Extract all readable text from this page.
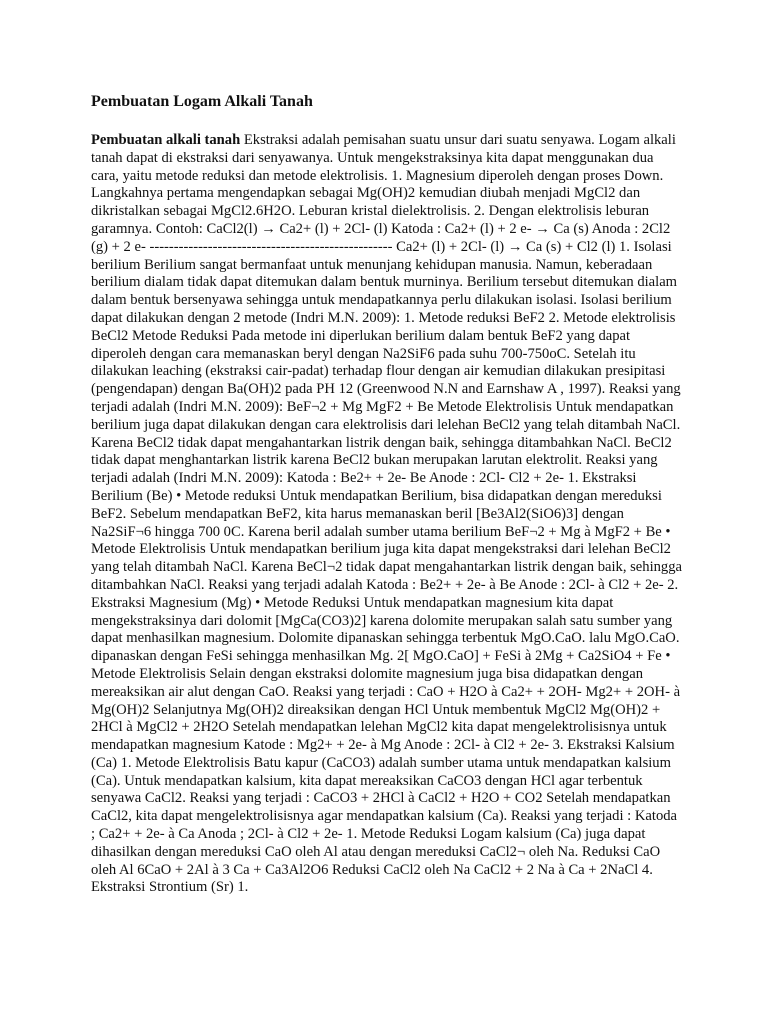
Pembuatan Logam Alkali Tanah

Pembuatan alkali tanah Ekstraksi adalah pemisahan suatu unsur dari suatu senyawa. Logam alkali tanah dapat di ekstraksi dari senyawanya. Untuk mengekstraksinya kita dapat menggunakan dua cara, yaitu metode reduksi dan metode elektrolisis. 1. Magnesium diperoleh dengan proses Down. Langkahnya pertama mengendapkan sebagai Mg(OH)2 kemudian diubah menjadi MgCl2 dan dikristalkan sebagai MgCl2.6H2O. Leburan kristal dielektrolisis. 2. Dengan elektrolisis leburan garamnya. Contoh: CaCl2(l) → Ca2+ (l) + 2Cl- (l) Katoda : Ca2+ (l) + 2 e- → Ca (s) Anoda : 2Cl2 (g) + 2 e- -------------------------------------------------- Ca2+ (l) + 2Cl- (l) → Ca (s) + Cl2 (l) 1. Isolasi berilium Berilium sangat bermanfaat untuk menunjang kehidupan manusia. Namun, keberadaan berilium dialam tidak dapat ditemukan dalam bentuk murninya. Berilium tersebut ditemukan dialam dalam bentuk bersenyawa sehingga untuk mendapatkannya perlu dilakukan isolasi. Isolasi berilium dapat dilakukan dengan 2 metode (Indri M.N. 2009): 1. Metode reduksi BeF2 2. Metode elektrolisis BeCl2 Metode Reduksi Pada metode ini diperlukan berilium dalam bentuk BeF2 yang dapat diperoleh dengan cara memanaskan beryl dengan Na2SiF6 pada suhu 700-750oC. Setelah itu dilakukan leaching (ekstraksi cair-padat) terhadap flour dengan air kemudian dilakukan presipitasi (pengendapan) dengan Ba(OH)2 pada PH 12 (Greenwood N.N and Earnshaw A , 1997). Reaksi yang terjadi adalah (Indri M.N. 2009): BeF¬2 + Mg MgF2 + Be Metode Elektrolisis Untuk mendapatkan berilium juga dapat dilakukan dengan cara elektrolisis dari lelehan BeCl2 yang telah ditambah NaCl. Karena BeCl2 tidak dapat mengahantarkan listrik dengan baik, sehingga ditambahkan NaCl. BeCl2 tidak dapat menghantarkan listrik karena BeCl2 bukan merupakan larutan elektrolit. Reaksi yang terjadi adalah (Indri M.N. 2009): Katoda : Be2+ + 2e- Be Anode : 2Cl- Cl2 + 2e- 1. Ekstraksi Berilium (Be) • Metode reduksi Untuk mendapatkan Berilium, bisa didapatkan dengan mereduksi BeF2. Sebelum mendapatkan BeF2, kita harus memanaskan beril [Be3Al2(SiO6)3] dengan Na2SiF¬6 hingga 700 0C. Karena beril adalah sumber utama berilium BeF¬2 + Mg à MgF2 + Be • Metode Elektrolisis Untuk mendapatkan berilium juga kita dapat mengekstraksi dari lelehan BeCl2 yang telah ditambah NaCl. Karena BeCl¬2 tidak dapat mengahantarkan listrik dengan baik, sehingga ditambahkan NaCl. Reaksi yang terjadi adalah Katoda : Be2+ + 2e- à Be Anode : 2Cl- à Cl2 + 2e- 2. Ekstraksi Magnesium (Mg) • Metode Reduksi Untuk mendapatkan magnesium kita dapat mengekstraksinya dari dolomit [MgCa(CO3)2] karena dolomite merupakan salah satu sumber yang dapat menhasilkan magnesium. Dolomite dipanaskan sehingga terbentuk MgO.CaO. lalu MgO.CaO. dipanaskan dengan FeSi sehingga menhasilkan Mg. 2[ MgO.CaO] + FeSi à 2Mg + Ca2SiO4 + Fe • Metode Elektrolisis Selain dengan ekstraksi dolomite magnesium juga bisa didapatkan dengan mereaksikan air alut dengan CaO. Reaksi yang terjadi : CaO + H2O à Ca2+ + 2OH- Mg2+ + 2OH- à Mg(OH)2 Selanjutnya Mg(OH)2 direaksikan dengan HCl Untuk membentuk MgCl2 Mg(OH)2 + 2HCl à MgCl2 + 2H2O Setelah mendapatkan lelehan MgCl2 kita dapat mengelektrolisisnya untuk mendapatkan magnesium Katode : Mg2+ + 2e- à Mg Anode : 2Cl- à Cl2 + 2e- 3. Ekstraksi Kalsium (Ca) 1. Metode Elektrolisis Batu kapur (CaCO3) adalah sumber utama untuk mendapatkan kalsium (Ca). Untuk mendapatkan kalsium, kita dapat mereaksikan CaCO3 dengan HCl agar terbentuk senyawa CaCl2. Reaksi yang terjadi : CaCO3 + 2HCl à CaCl2 + H2O + CO2 Setelah mendapatkan CaCl2, kita dapat mengelektrolisisnya agar mendapatkan kalsium (Ca). Reaksi yang terjadi : Katoda ; Ca2+ + 2e- à Ca Anoda ; 2Cl- à Cl2 + 2e- 1. Metode Reduksi Logam kalsium (Ca) juga dapat dihasilkan dengan mereduksi CaO oleh Al atau dengan mereduksi CaCl2¬ oleh Na. Reduksi CaO oleh Al 6CaO + 2Al à 3 Ca + Ca3Al2O6 Reduksi CaCl2 oleh Na CaCl2 + 2 Na à Ca + 2NaCl 4. Ekstraksi Strontium (Sr) 1.
